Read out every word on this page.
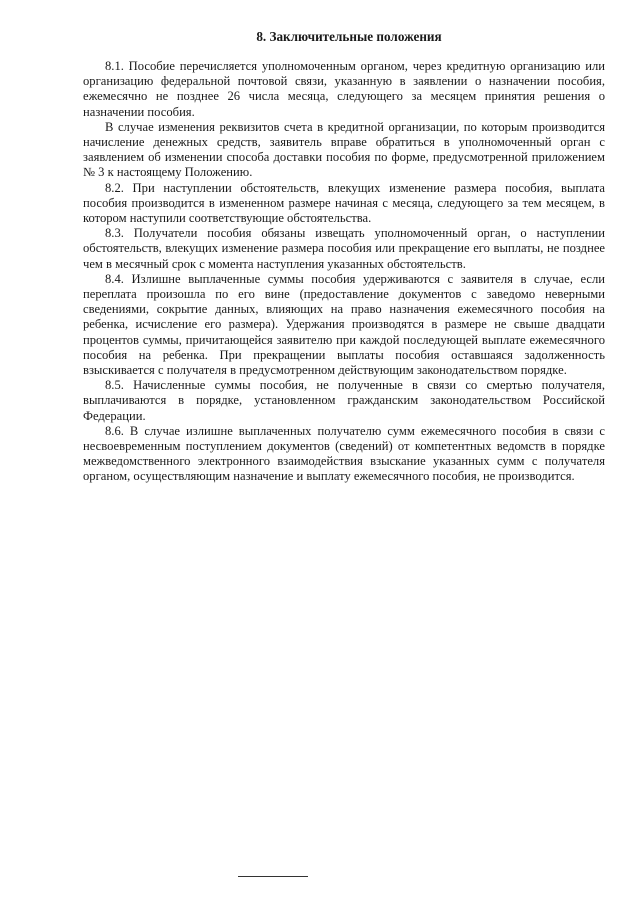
8. Заключительные положения

8.1. Пособие перечисляется уполномоченным органом, через кредитную организацию или организацию федеральной почтовой связи, указанную в заявлении о назначении пособия, ежемесячно не позднее 26 числа месяца, следующего за месяцем принятия решения о назначении пособия.

В случае изменения реквизитов счета в кредитной организации, по которым производится начисление денежных средств, заявитель вправе обратиться в уполномоченный орган с заявлением об изменении способа доставки пособия по форме, предусмотренной приложением № 3 к настоящему Положению.

8.2. При наступлении обстоятельств, влекущих изменение размера пособия, выплата пособия производится в измененном размере начиная с месяца, следующего за тем месяцем, в котором наступили соответствующие обстоятельства.

8.3. Получатели пособия обязаны извещать уполномоченный орган, о наступлении обстоятельств, влекущих изменение размера пособия или прекращение его выплаты, не позднее чем в месячный срок с момента наступления указанных обстоятельств.

8.4. Излишне выплаченные суммы пособия удерживаются с заявителя в случае, если переплата произошла по его вине (предоставление документов с заведомо неверными сведениями, сокрытие данных, влияющих на право назначения ежемесячного пособия на ребенка, исчисление его размера). Удержания производятся в размере не свыше двадцати процентов суммы, причитающейся заявителю при каждой последующей выплате ежемесячного пособия на ребенка. При прекращении выплаты пособия оставшаяся задолженность взыскивается с получателя в предусмотренном действующим законодательством порядке.

8.5. Начисленные суммы пособия, не полученные в связи со смертью получателя, выплачиваются в порядке, установленном гражданским законодательством Российской Федерации.

8.6. В случае излишне выплаченных получателю сумм ежемесячного пособия в связи с несвоевременным поступлением документов (сведений) от компетентных ведомств в порядке межведомственного электронного взаимодействия взыскание указанных сумм с получателя органом, осуществляющим назначение и выплату ежемесячного пособия, не производится.
